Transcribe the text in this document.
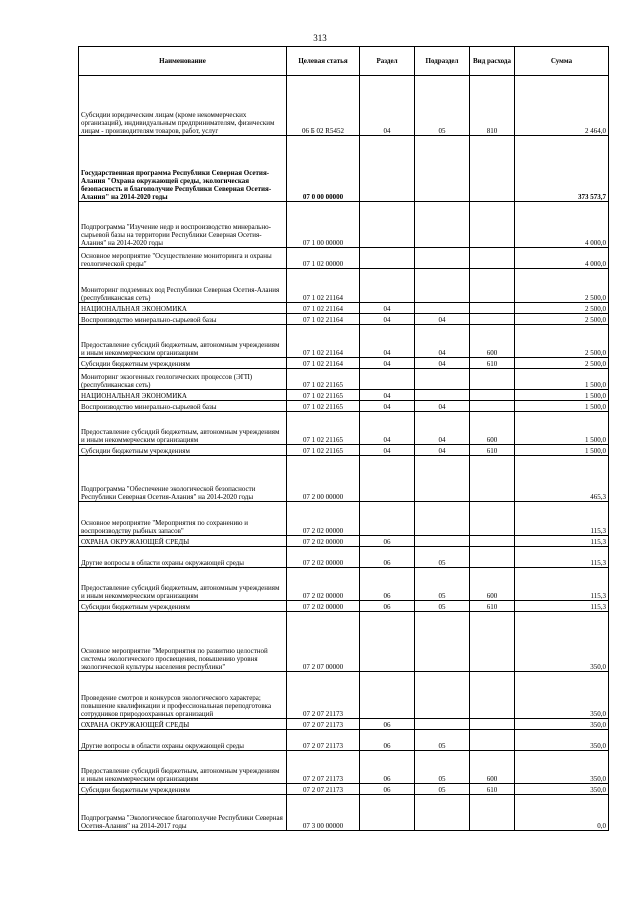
313
Наименование	Целевая статья	Раздел	Подраздел	Вид расхода	Сумма
Субсидии юридическим лицам (кроме некоммерческих организаций), индивидуальным предпринимателям, физическим лицам - производителям товаров, работ, услуг	06 Б 02 R5452	04	05	810	2 464,0
Государственная программа Республики Северная Осетия-Алания "Охрана окружающей среды, экологическая безопасность и благополучие Республики Северная Осетия-Алания" на 2014-2020 годы	07 0 00 00000				373 573,7
Подпрограмма "Изучение недр и воспроизводство минерально-сырьевой базы на территории Республики Северная Осетия-Алания" на 2014-2020 годы	07 1 00 00000				4 000,0
Основное мероприятие "Осуществление мониторинга и охраны геологической среды"	07 1 02 00000				4 000,0
Мониторинг подземных вод Республики Северная Осетия-Алания (республиканская сеть)	07 1 02 21164				2 500,0
НАЦИОНАЛЬНАЯ ЭКОНОМИКА	07 1 02 21164	04			2 500,0
Воспроизводство минерально-сырьевой базы	07 1 02 21164	04	04		2 500,0
Предоставление субсидий бюджетным, автономным учреждениям и иным некоммерческим организациям	07 1 02 21164	04	04	600	2 500,0
Субсидии бюджетным учреждениям	07 1 02 21164	04	04	610	2 500,0
Мониторинг экзогенных геологических процессов (ЭГП) (республиканская сеть)	07 1 02 21165				1 500,0
НАЦИОНАЛЬНАЯ ЭКОНОМИКА	07 1 02 21165	04			1 500,0
Воспроизводство минерально-сырьевой базы	07 1 02 21165	04	04		1 500,0
Предоставление субсидий бюджетным, автономным учреждениям и иным некоммерческим организациям	07 1 02 21165	04	04	600	1 500,0
Субсидии бюджетным учреждениям	07 1 02 21165	04	04	610	1 500,0
Подпрограмма "Обеспечение экологической безопасности Республики Северная Осетия-Алания" на 2014-2020 годы	07 2 00 00000				465,3
Основное мероприятие "Мероприятия по сохранению и воспроизводству рыбных запасов"	07 2 02 00000				115,3
ОХРАНА ОКРУЖАЮЩЕЙ СРЕДЫ	07 2 02 00000	06			115,3
Другие вопросы в области охраны окружающей среды	07 2 02 00000	06	05		115,3
Предоставление субсидий бюджетным, автономным учреждениям и иным некоммерческим организациям	07 2 02 00000	06	05	600	115,3
Субсидии бюджетным учреждениям	07 2 02 00000	06	05	610	115,3
Основное мероприятие "Мероприятия по развитию целостной системы экологического просвещения, повышению уровня экологической культуры населения республики"	07 2 07 00000				350,0
Проведение смотров и конкурсов экологического характера; повышение квалификации и профессиональная переподготовка сотрудников природоохранных организаций	07 2 07 21173				350,0
ОХРАНА ОКРУЖАЮЩЕЙ СРЕДЫ	07 2 07 21173	06			350,0
Другие вопросы в области охраны окружающей среды	07 2 07 21173	06	05		350,0
Предоставление субсидий бюджетным, автономным учреждениям и иным некоммерческим организациям	07 2 07 21173	06	05	600	350,0
Субсидии бюджетным учреждениям	07 2 07 21173	06	05	610	350,0
Подпрограмма "Экологическое благополучие Республики Северная Осетия-Алания" на 2014-2017 годы	07 3 00 00000				0,0
